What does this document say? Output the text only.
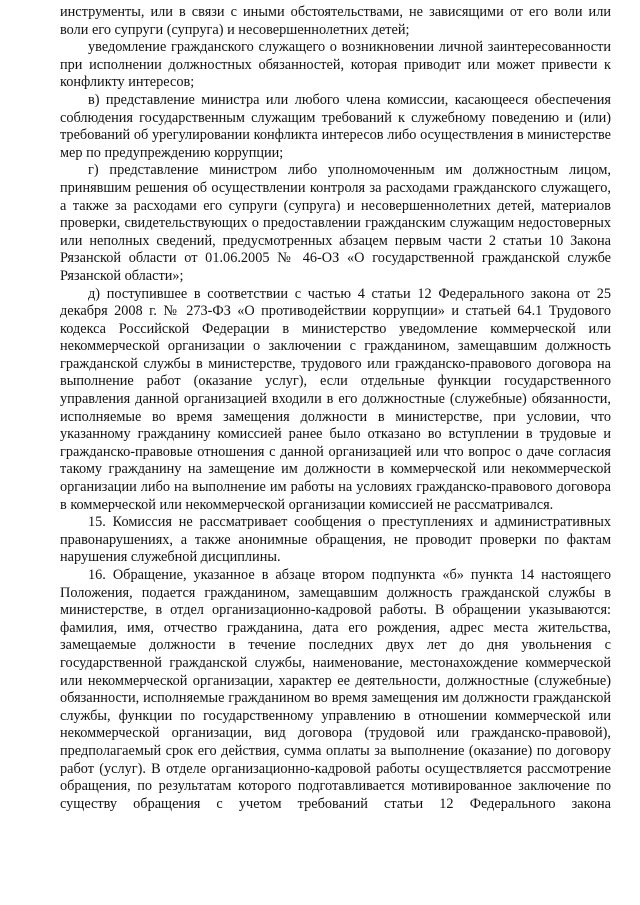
инструменты, или в связи с иными обстоятельствами, не зависящими от его воли или воли его супруги (супруга) и несовершеннолетних детей;

уведомление гражданского служащего о возникновении личной заинтересованности при исполнении должностных обязанностей, которая приводит или может привести к конфликту интересов;

в) представление министра или любого члена комиссии, касающееся обеспечения соблюдения государственным служащим требований к служебному поведению и (или) требований об урегулировании конфликта интересов либо осуществления в министерстве мер по предупреждению коррупции;

г) представление министром либо уполномоченным им должностным лицом, принявшим решения об осуществлении контроля за расходами гражданского служащего, а также за расходами его супруги (супруга) и несовершеннолетних детей, материалов проверки, свидетельствующих о предоставлении гражданским служащим недостоверных или неполных сведений, предусмотренных абзацем первым части 2 статьи 10 Закона Рязанской области от 01.06.2005 № 46-ОЗ «О государственной гражданской службе Рязанской области»;

д) поступившее в соответствии с частью 4 статьи 12 Федерального закона от 25 декабря 2008 г. № 273-ФЗ «О противодействии коррупции» и статьей 64.1 Трудового кодекса Российской Федерации в министерство уведомление коммерческой или некоммерческой организации о заключении с гражданином, замещавшим должность гражданской службы в министерстве, трудового или гражданско-правового договора на выполнение работ (оказание услуг), если отдельные функции государственного управления данной организацией входили в его должностные (служебные) обязанности, исполняемые во время замещения должности в министерстве, при условии, что указанному гражданину комиссией ранее было отказано во вступлении в трудовые и гражданско-правовые отношения с данной организацией или что вопрос о даче согласия такому гражданину на замещение им должности в коммерческой или некоммерческой организации либо на выполнение им работы на условиях гражданско-правового договора в коммерческой или некоммерческой организации комиссией не рассматривался.

15. Комиссия не рассматривает сообщения о преступлениях и административных правонарушениях, а также анонимные обращения, не проводит проверки по фактам нарушения служебной дисциплины.

16. Обращение, указанное в абзаце втором подпункта «б» пункта 14 настоящего Положения, подается гражданином, замещавшим должность гражданской службы в министерстве, в отдел организационно-кадровой работы. В обращении указываются: фамилия, имя, отчество гражданина, дата его рождения, адрес места жительства, замещаемые должности в течение последних двух лет до дня увольнения с государственной гражданской службы, наименование, местонахождение коммерческой или некоммерческой организации, характер ее деятельности, должностные (служебные) обязанности, исполняемые гражданином во время замещения им должности гражданской службы, функции по государственному управлению в отношении коммерческой или некоммерческой организации, вид договора (трудовой или гражданско-правовой), предполагаемый срок его действия, сумма оплаты за выполнение (оказание) по договору работ (услуг). В отделе организационно-кадровой работы осуществляется рассмотрение обращения, по результатам которого подготавливается мотивированное заключение по существу обращения с учетом требований статьи 12 Федерального закона
